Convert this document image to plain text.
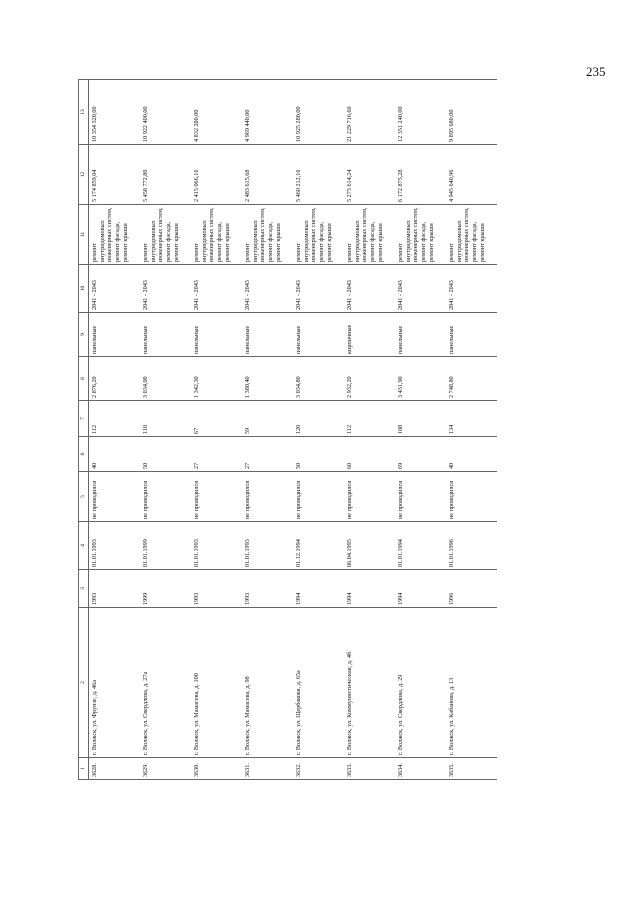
235
1	2	3	4	5	6	7	8	9	10	11	12	13
3628.	г. Волжск, ул. Фрунзе, д. 46а	1993	01.01.1993	не проводился	40	112	2 876,20	панельные	2041 - 2043	ремонт внутридомовых инженерных систем, ремонт фасада, ремонт крыши	5 174 859,04	10 354 320,00
3629.	г. Волжск, ул. Свердлова, д. 27а	1999	01.01.1999	не проводился	50	110	3 034,00	панельные	2041 - 2043	ремонт внутридомовых инженерных систем, ремонт фасада, ремонт крыши	5 458 772,80	10 922 400,00
3630.	г. Волжск, ул. Мамасева, д. 100	1993	01.01.1993	не проводился	27	67	1 342,30	панельные	2041 - 2043	ремонт внутридомовых инженерных систем, ремонт фасада, ремонт крыши	2 415 066,16	4 832 280,00
3631.	г. Волжск, ул. Мамасева, д. 98	1993	01.01.1993	не проводился	27	59	1 380,40	панельные	2041 - 2043	ремонт внутридомовых инженерных систем, ремонт фасада, ремонт крыши	2 483 615,68	4 969 440,00
3632.	г. Волжск, ул. Щербакова, д. 65а	1994	01.12.1994	не проводился	50	120	3 034,80	панельные	2041 - 2043	ремонт внутридомовых инженерных систем, ремонт фасада, ремонт крыши	5 460 212,16	10 925 280,00
3633.	г. Волжск, ул. Коммунистическая, д. 4б	1994	06.04.1995	не проводился	60	112	2 932,20	кирпичные	2041 - 2043	ремонт внутридомовых инженерных систем, ремонт фасада, ремонт крыши	5 275 614,24	21 229 716,60
3634.	г. Волжск, ул. Свердлова, д. 29	1994	01.01.1994	не проводился	69	108	3 431,90	панельные	2041 - 2043	ремонт внутридомовых инженерных систем, ремонт фасада, ремонт крыши	6 172 875,28	12 351 240,00
3635.	г. Волжск, ул. Кабанова, д. 13	1996	01.01.1996	не проводился	40	134	2 748,80	панельные	2041 - 2043	ремонт внутридомовых инженерных систем, ремонт фасада, ремонт крыши	4 945 640,96	9 895 680,00
